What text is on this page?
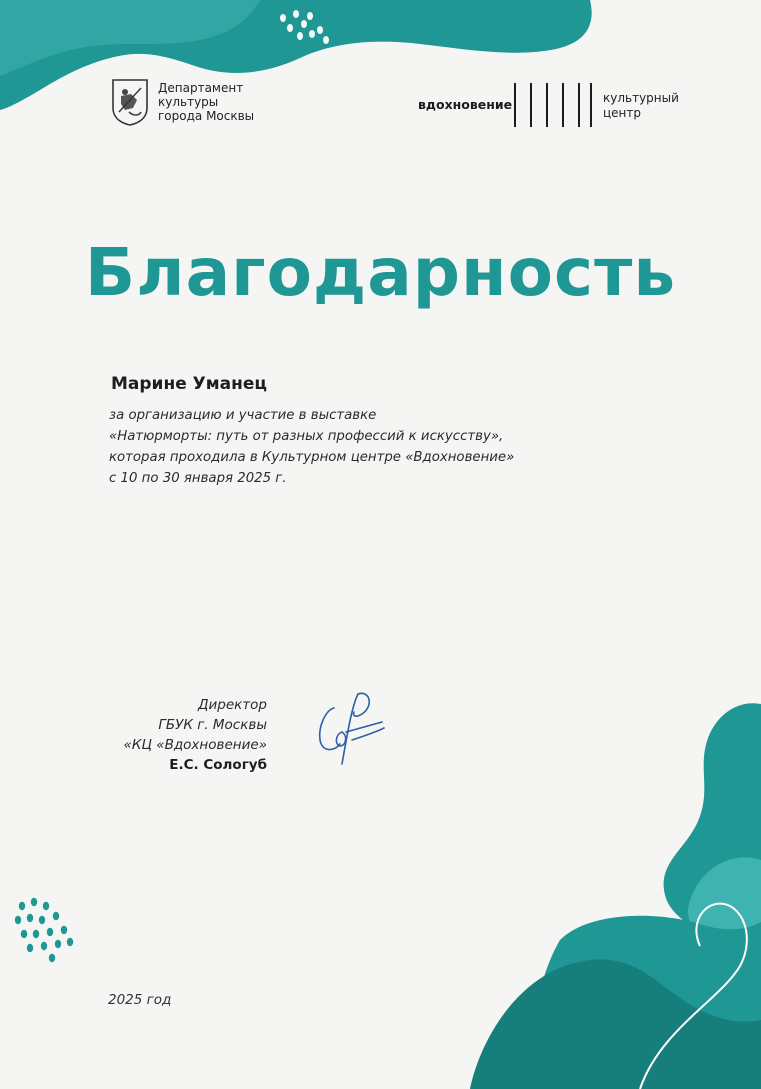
Департамент
культуры
города Москвы
вдохновение	культурный
центр
Благодарность
Марине Уманец
за организацию и участие в выставке
«Натюрморты: путь от разных профессий к искусству»,
которая проходила в Культурном центре «Вдохновение»
с 10 по 30 января 2025 г.
Директор
ГБУК г. Москвы
«КЦ «Вдохновение»
Е.С. Сологуб
2025 год
